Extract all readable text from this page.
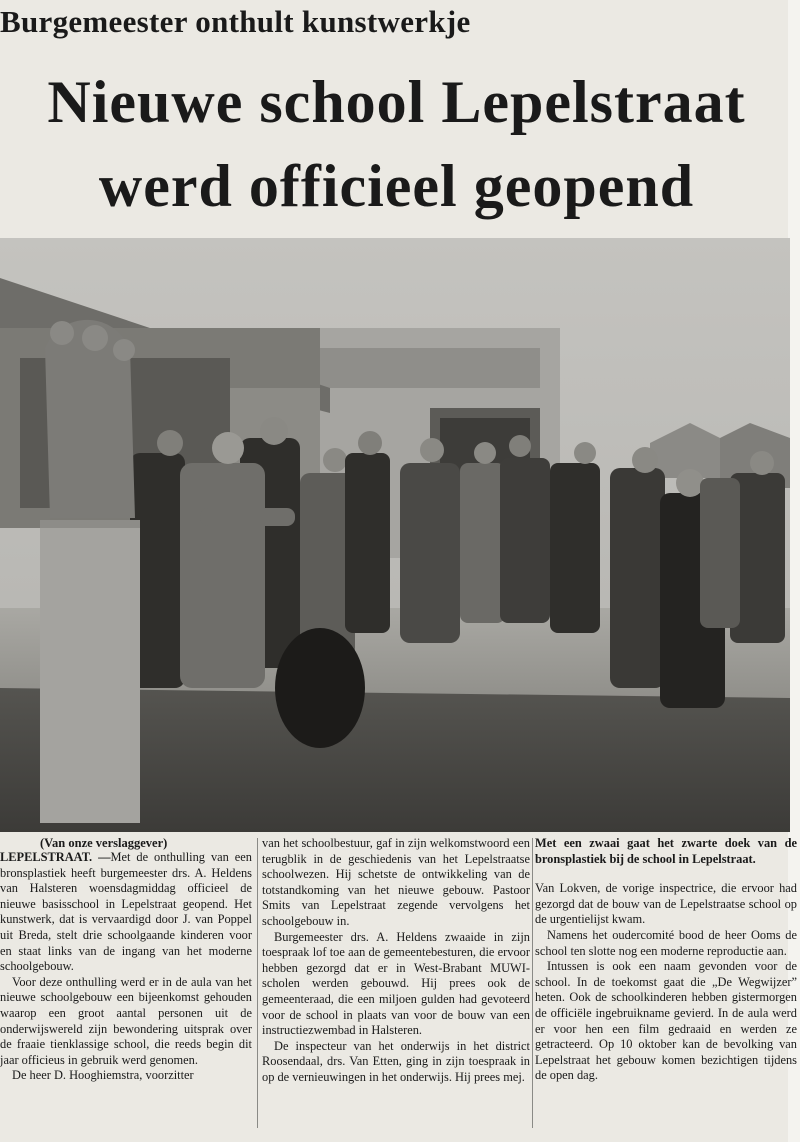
Burgemeester onthult kunstwerkje
Nieuwe school Lepelstraat
werd officieel geopend
(Van onze verslaggever)

LEPELSTRAAT. —Met de onthulling van een bronsplastiek heeft burgemeester drs. A. Heldens van Halsteren woensdagmiddag officieel de nieuwe basisschool in Lepelstraat geopend. Het kunstwerk, dat is vervaardigd door J. van Poppel uit Breda, stelt drie schoolgaande kinderen voor en staat links van de ingang van het moderne schoolgebouw.

Voor deze onthulling werd er in de aula van het nieuwe schoolgebouw een bijeenkomst gehouden waarop een groot aantal personen uit de onderwijswereld zijn bewondering uitsprak over de fraaie tienklassige school, die reeds begin dit jaar officieus in gebruik werd genomen.

De heer D. Hooghiemstra, voorzitter

van het schoolbestuur, gaf in zijn welkomstwoord een terugblik in de geschiedenis van het Lepelstraatse schoolwezen. Hij schetste de ontwikkeling van de totstandkoming van het nieuwe gebouw. Pastoor Smits van Lepelstraat zegende vervolgens het schoolgebouw in.

Burgemeester drs. A. Heldens zwaaide in zijn toespraak lof toe aan de gemeentebesturen, die ervoor hebben gezorgd dat er in West-Brabant MUWI-scholen werden gebouwd. Hij prees ook de gemeenteraad, die een miljoen gulden had gevoteerd voor de school in plaats van voor de bouw van een instructiezwembad in Halsteren.

De inspecteur van het onderwijs in het district Roosendaal, drs. Van Etten, ging in zijn toespraak in op de vernieuwingen in het onderwijs. Hij prees mej.

Met een zwaai gaat het zwarte doek van de bronsplastiek bij de school in Lepelstraat.

Van Lokven, de vorige inspectrice, die ervoor had gezorgd dat de bouw van de Lepelstraatse school op de urgentielijst kwam.

Namens het oudercomité bood de heer Ooms de school ten slotte nog een moderne reproductie aan.

Intussen is ook een naam gevonden voor de school. In de toekomst gaat die „De Wegwijzer” heten. Ook de schoolkinderen hebben gistermorgen de officiële ingebruikname gevierd. In de aula werd er voor hen een film gedraaid en werden ze getracteerd. Op 10 oktober kan de bevolking van Lepelstraat het gebouw komen bezichtigen tijdens de open dag.
